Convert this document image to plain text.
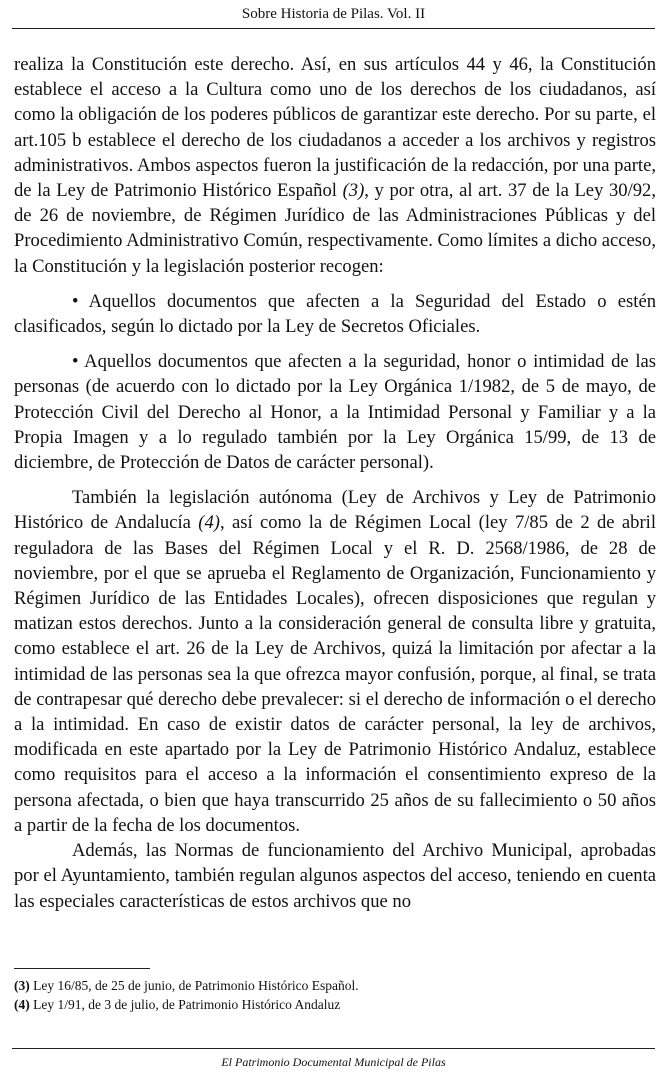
Sobre Historia de Pilas. Vol. II

realiza la Constitución este derecho. Así, en sus artículos 44 y 46, la Constitución establece el acceso a la Cultura como uno de los derechos de los ciudadanos, así como la obligación de los poderes públicos de garantizar este derecho. Por su parte, el art.105 b establece el derecho de los ciudadanos a acceder a los archivos y registros administrativos. Ambos aspectos fueron la justificación de la redacción, por una parte, de la Ley de Patrimonio Histórico Español (3), y por otra, al art. 37 de la Ley 30/92, de 26 de noviembre, de Régimen Jurídico de las Administraciones Públicas y del Procedimiento Administrativo Común, respectivamente. Como límites a dicho acceso, la Constitución y la legislación posterior recogen:

• Aquellos documentos que afecten a la Seguridad del Estado o estén clasificados, según lo dictado por la Ley de Secretos Oficiales.

• Aquellos documentos que afecten a la seguridad, honor o intimidad de las personas (de acuerdo con lo dictado por la Ley Orgánica 1/1982, de 5 de mayo, de Protección Civil del Derecho al Honor, a la Intimidad Personal y Familiar y a la Propia Imagen y a lo regulado también por la Ley Orgánica 15/99, de 13 de diciembre, de Protección de Datos de carácter personal).

También la legislación autónoma (Ley de Archivos y Ley de Patrimonio Histórico de Andalucía (4), así como la de Régimen Local (ley 7/85 de 2 de abril reguladora de las Bases del Régimen Local y el R. D. 2568/1986, de 28 de noviembre, por el que se aprueba el Reglamento de Organización, Funcionamiento y Régimen Jurídico de las Entidades Locales), ofrecen disposiciones que regulan y matizan estos derechos. Junto a la consideración general de consulta libre y gratuita, como establece el art. 26 de la Ley de Archivos, quizá la limitación por afectar a la intimidad de las personas sea la que ofrezca mayor confusión, porque, al final, se trata de contrapesar qué derecho debe prevalecer: si el derecho de información o el derecho a la intimidad. En caso de existir datos de carácter personal, la ley de archivos, modificada en este apartado por la Ley de Patrimonio Histórico Andaluz, establece como requisitos para el acceso a la información el consentimiento expreso de la persona afectada, o bien que haya transcurrido 25 años de su fallecimiento o 50 años a partir de la fecha de los documentos.

Además, las Normas de funcionamiento del Archivo Municipal, aprobadas por el Ayuntamiento, también regulan algunos aspectos del acceso, teniendo en cuenta las especiales características de estos archivos que no

(3) Ley 16/85, de 25 de junio, de Patrimonio Histórico Español.
(4) Ley 1/91, de 3 de julio, de Patrimonio Histórico Andaluz
El Patrimonio Documental Municipal de Pilas
